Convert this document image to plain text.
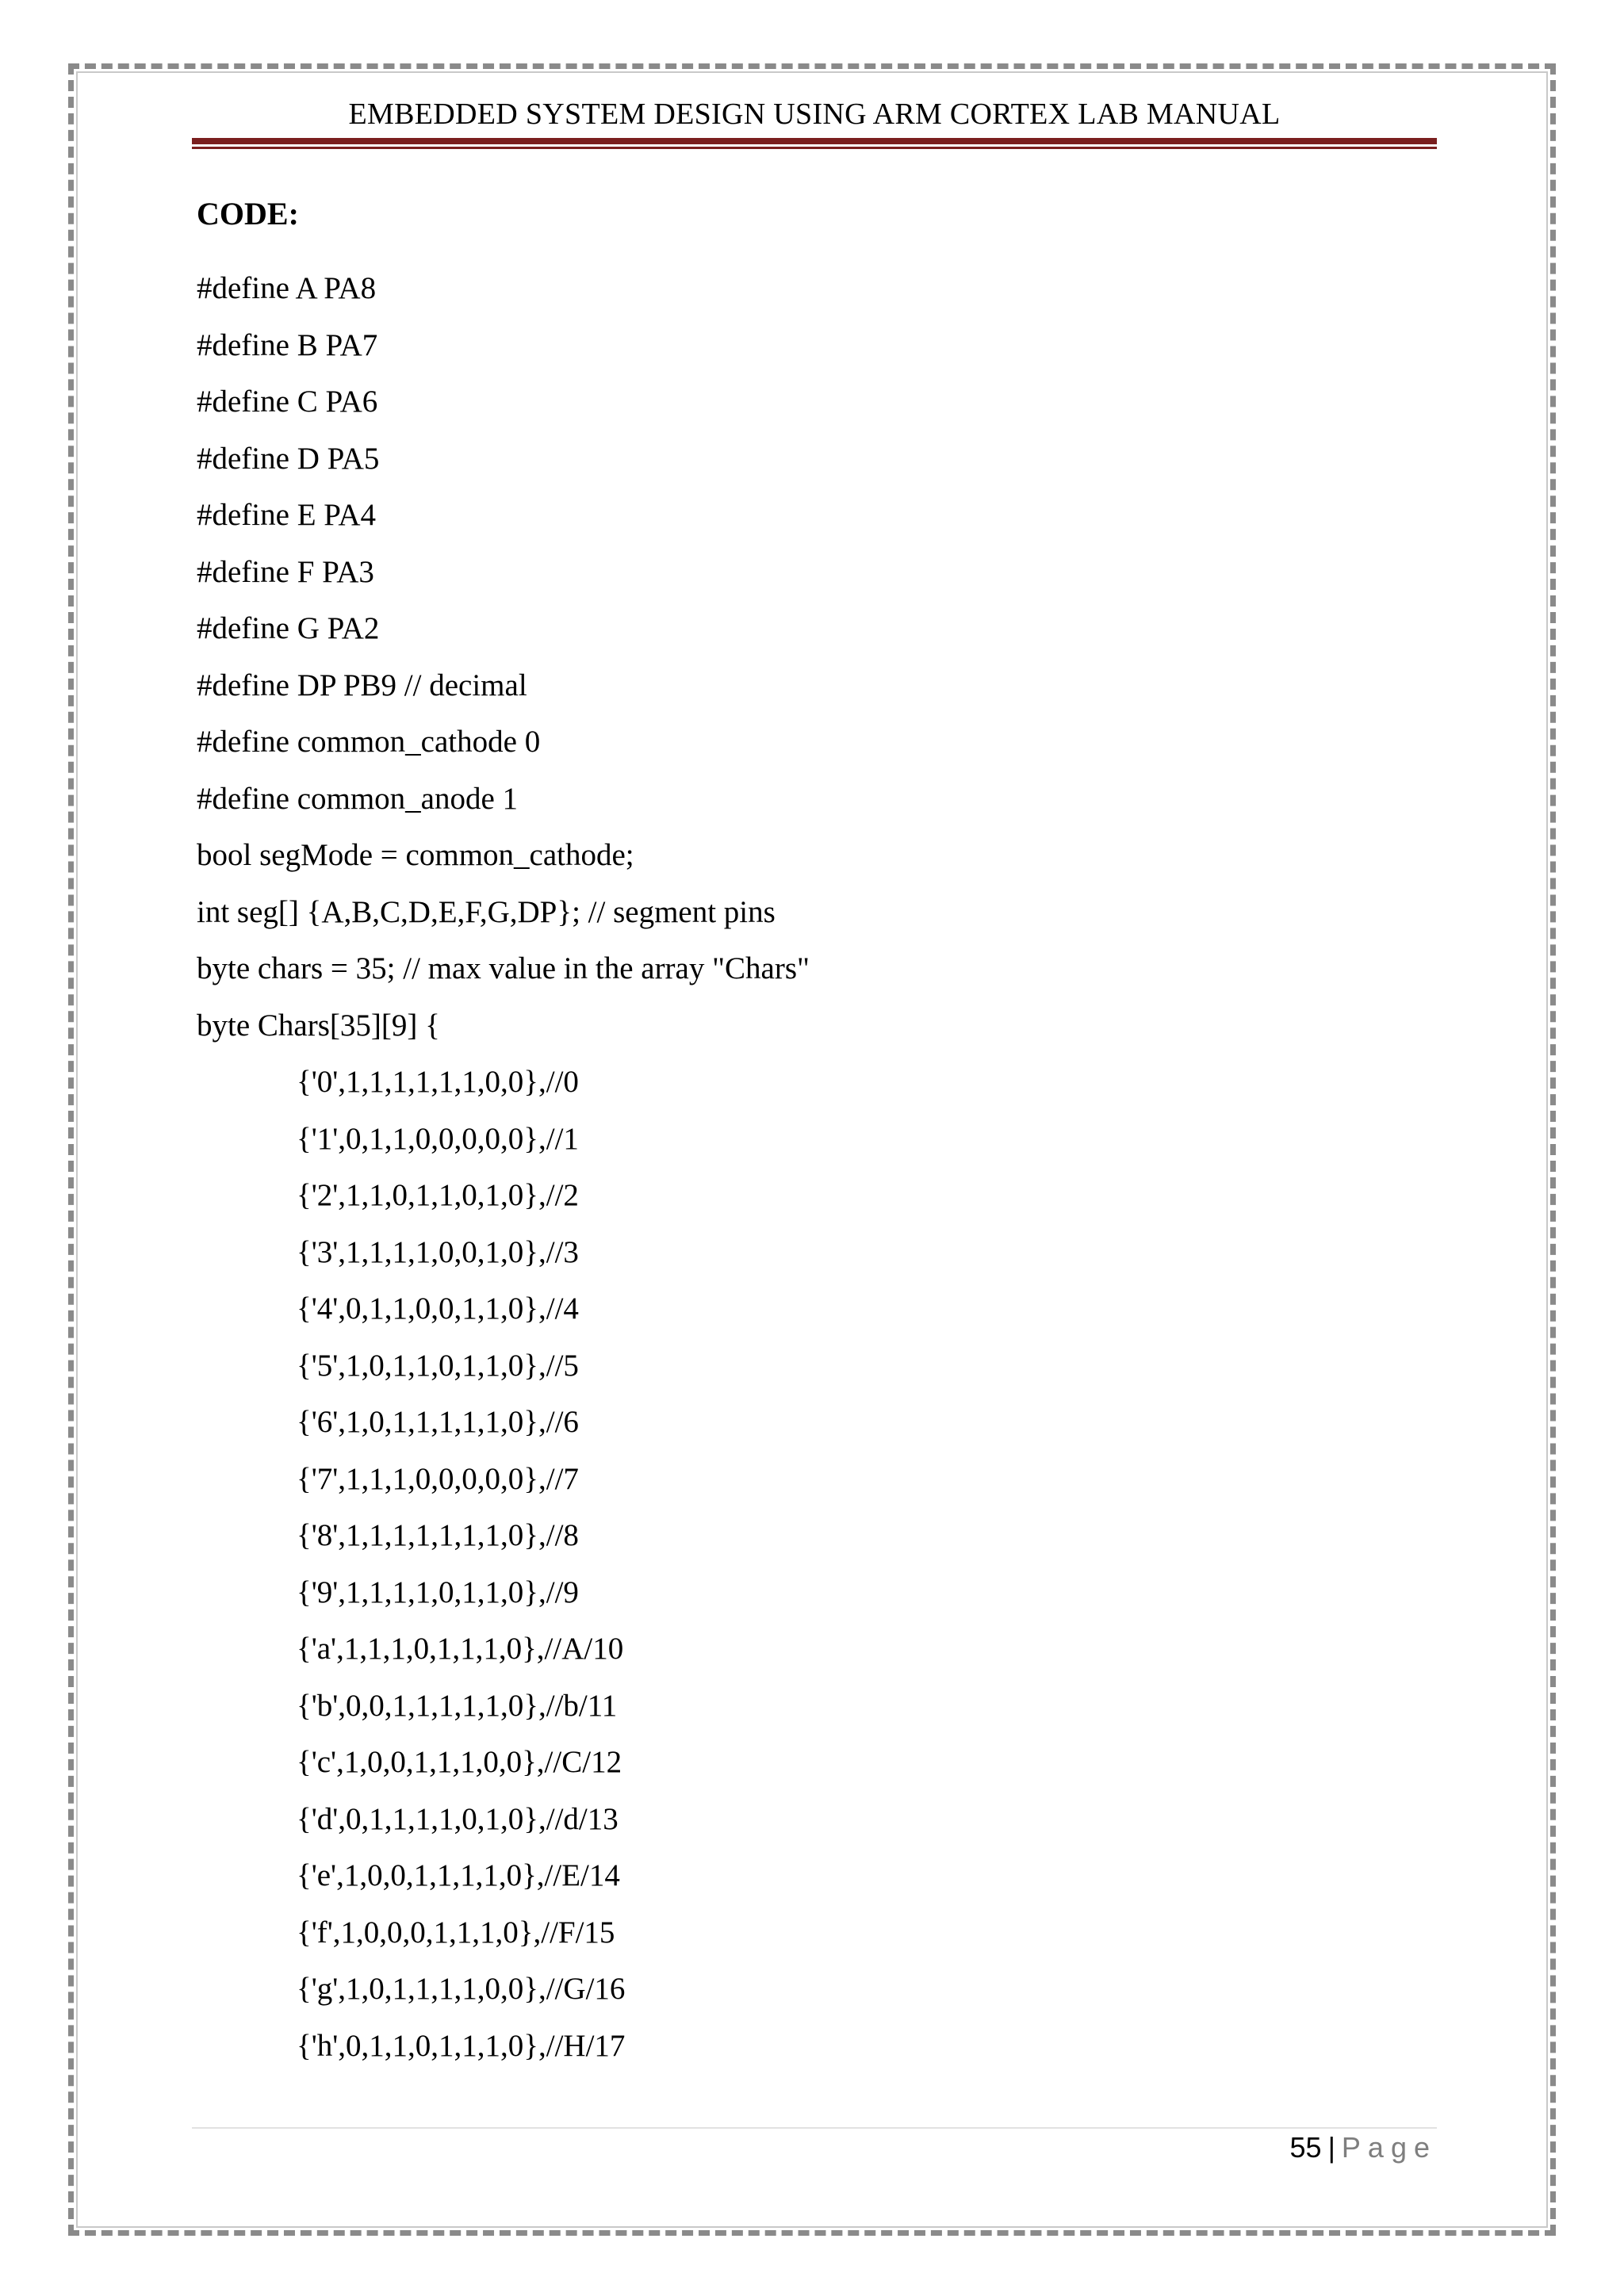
EMBEDDED SYSTEM DESIGN USING ARM CORTEX LAB MANUAL
CODE:
#define A PA8
#define B PA7
#define C PA6
#define D PA5
#define E PA4
#define F PA3
#define G PA2
#define DP PB9 // decimal
#define common_cathode 0
#define common_anode 1
bool segMode = common_cathode;
int seg[] {A,B,C,D,E,F,G,DP}; // segment pins
byte chars = 35; // max value in the array "Chars"
byte Chars[35][9] {
{'0',1,1,1,1,1,1,0,0},//0
{'1',0,1,1,0,0,0,0,0},//1
{'2',1,1,0,1,1,0,1,0},//2
{'3',1,1,1,1,0,0,1,0},//3
{'4',0,1,1,0,0,1,1,0},//4
{'5',1,0,1,1,0,1,1,0},//5
{'6',1,0,1,1,1,1,1,0},//6
{'7',1,1,1,0,0,0,0,0},//7
{'8',1,1,1,1,1,1,1,0},//8
{'9',1,1,1,1,0,1,1,0},//9
{'a',1,1,1,0,1,1,1,0},//A/10
{'b',0,0,1,1,1,1,1,0},//b/11
{'c',1,0,0,1,1,1,0,0},//C/12
{'d',0,1,1,1,1,0,1,0},//d/13
{'e',1,0,0,1,1,1,1,0},//E/14
{'f',1,0,0,0,1,1,1,0},//F/15
{'g',1,0,1,1,1,1,0,0},//G/16
{'h',0,1,1,0,1,1,1,0},//H/17
55 | Page
